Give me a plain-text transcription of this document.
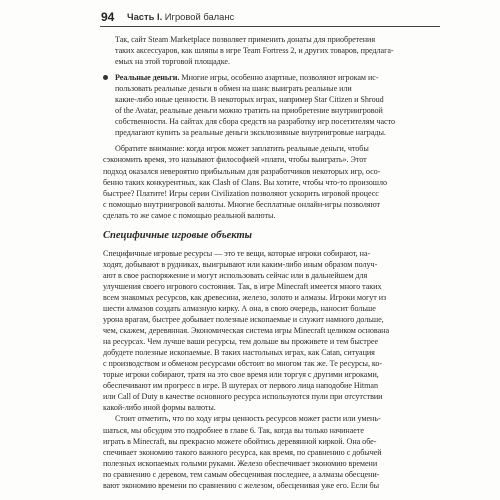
94 Часть I. Игровой баланс

Так, сайт Steam Marketplace позволяет применить донаты для приобретения
таких аксессуаров, как шляпы в игре Team Fortress 2, и других товаров, предлага-
емых на этой торговой площадке.

Реальные деньги. Многие игры, особенно азартные, позволяют игрокам ис-
пользовать реальные деньги в обмен на шанс выиграть реальные или
какие-либо иные ценности. В некоторых играх, например Star Citizen и Shroud
of the Avatar, реальные деньги можно тратить на приобретение внутриигровой
собственности. На сайтах для сбора средств на разработку игр посетителям часто
предлагают купить за реальные деньги эксклюзивные внутриигровые награды.

Обратите внимание: когда игрок может заплатить реальные деньги, чтобы
сэкономить время, это называют философией «плати, чтобы выиграть». Этот
подход оказался невероятно прибыльным для разработчиков некоторых игр, осо-
бенно таких конкурентных, как Clash of Clans. Вы хотите, чтобы что-то произошло
быстрее? Платите! Игры серии Civilization позволяют ускорить игровой процесс
с помощью внутриигровой валюты. Многие бесплатные онлайн-игры позволяют
сделать то же самое с помощью реальной валюты.

Специфичные игровые объекты

Специфичные игровые ресурсы — это те вещи, которые игроки собирают, на-
ходят, добывают в рудниках, выигрывают или каким-либо иным образом получ-
ают в свое распоряжение и могут использовать сейчас или в дальнейшем для
улучшения своего игрового состояния. Так, в игре Minecraft имеется много таких
всем знакомых ресурсов, как древесина, железо, золото и алмазы. Игроки могут из
шести алмазов создать алмазную кирку. А она, в свою очередь, наносит больше
урона врагам, быстрее добывает полезные ископаемые и служит намного дольше,
чем, скажем, деревянная. Экономическая система игры Minecraft целиком основана
на ресурсах. Чем лучше ваши ресурсы, тем дольше вы проживете и тем быстрее
добудете полезные ископаемые. В таких настольных играх, как Catan, ситуация
с производством и обменом ресурсами обстоит во многом так же. Те ресурсы, ко-
торые игроки собирают, тратя на это свое время или торгуя с другими игроками,
обеспечивают им прогресс в игре. В шутерах от первого лица наподобие Hitman
или Call of Duty в качестве основного ресурса используются пули при отсутствии
какой-либо иной формы валюты.

Стоит отметить, что по ходу игры ценность ресурсов может расти или умень-
шаться, мы обсудим это подробнее в главе 6. Так, когда вы только начинаете
играть в Minecraft, вы прекрасно можете обойтись деревянной киркой. Она обе-
спечивает экономию такого важного ресурса, как время, по сравнению с добычей
полезных ископаемых голыми руками. Железо обеспечивает экономию времени
по сравнению с деревом, тем самым обесценивая последнее, а алмазы обесцени-
вают экономию времени по сравнению с железом, обесценивая уже его. Если бы
